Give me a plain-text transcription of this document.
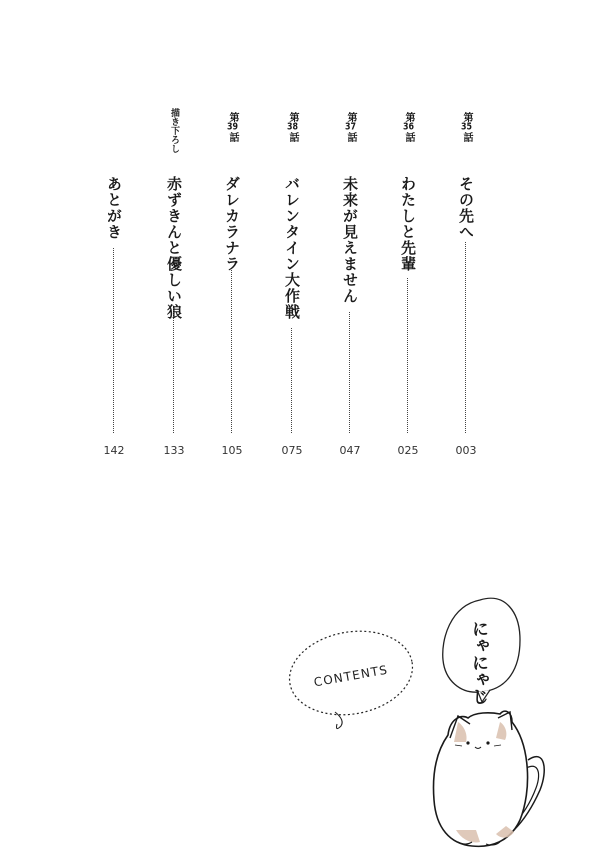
第35話
その先へ
003
第36話
わたしと先輩
025
第37話
未来が見えません
047
第38話
バレンタイン大作戦
075
第39話
ダレカラナラ
105
描き下ろし
赤ずきんと優しい狼
133
あとがき
142
CONTENTS	にゃにゃじ
